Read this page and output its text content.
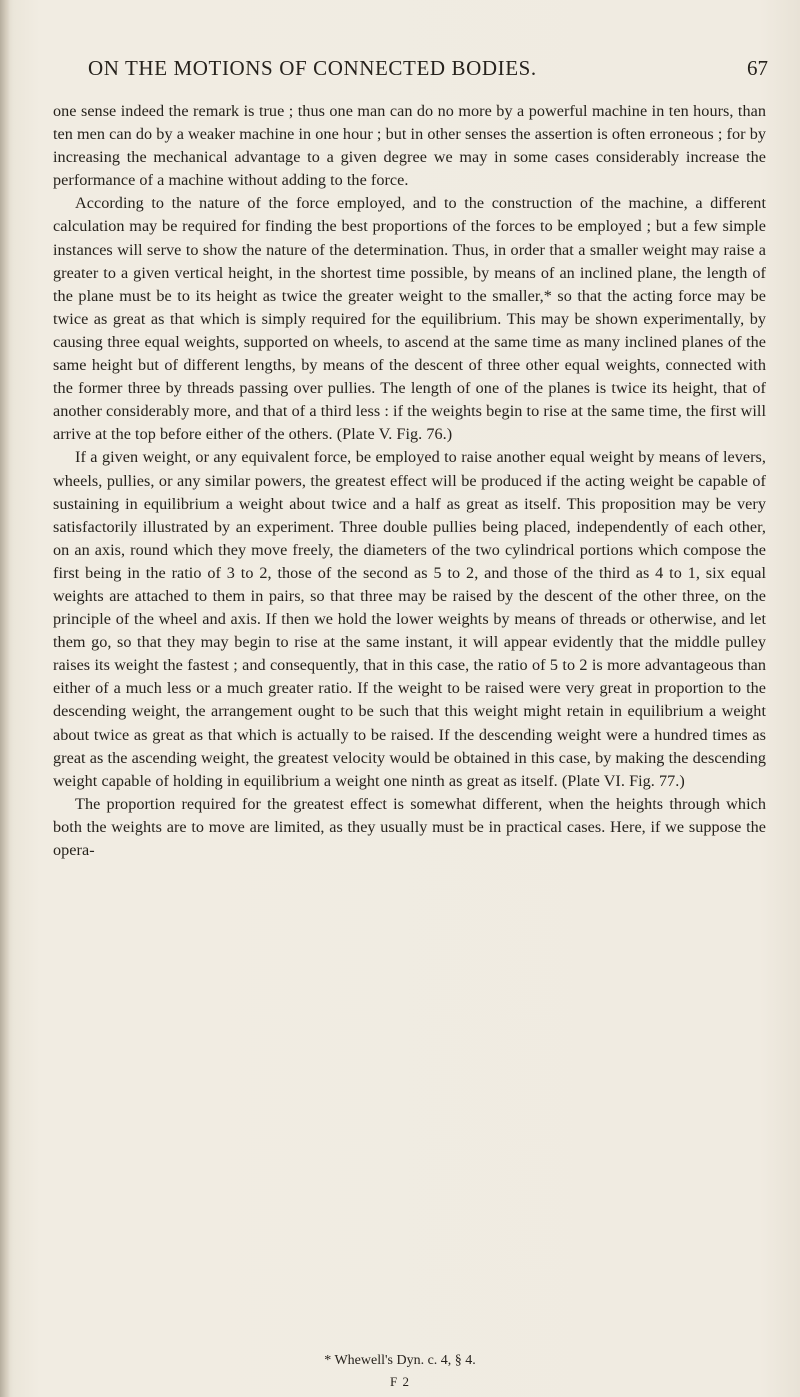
ON THE MOTIONS OF CONNECTED BODIES.	67

one sense indeed the remark is true ; thus one man can do no more by a powerful machine in ten hours, than ten men can do by a weaker machine in one hour ; but in other senses the assertion is often erroneous ; for by increasing the mechanical advantage to a given degree we may in some cases considerably increase the performance of a machine without adding to the force.

According to the nature of the force employed, and to the construction of the machine, a different calculation may be required for finding the best proportions of the forces to be employed ; but a few simple instances will serve to show the nature of the determination. Thus, in order that a smaller weight may raise a greater to a given vertical height, in the shortest time possible, by means of an inclined plane, the length of the plane must be to its height as twice the greater weight to the smaller,* so that the acting force may be twice as great as that which is simply required for the equilibrium. This may be shown experimentally, by causing three equal weights, supported on wheels, to ascend at the same time as many inclined planes of the same height but of different lengths, by means of the descent of three other equal weights, connected with the former three by threads passing over pullies. The length of one of the planes is twice its height, that of another considerably more, and that of a third less : if the weights begin to rise at the same time, the first will arrive at the top before either of the others. (Plate V. Fig. 76.)

If a given weight, or any equivalent force, be employed to raise another equal weight by means of levers, wheels, pullies, or any similar powers, the greatest effect will be produced if the acting weight be capable of sustaining in equilibrium a weight about twice and a half as great as itself. This proposition may be very satisfactorily illustrated by an experiment. Three double pullies being placed, independently of each other, on an axis, round which they move freely, the diameters of the two cylindrical portions which compose the first being in the ratio of 3 to 2, those of the second as 5 to 2, and those of the third as 4 to 1, six equal weights are attached to them in pairs, so that three may be raised by the descent of the other three, on the principle of the wheel and axis. If then we hold the lower weights by means of threads or otherwise, and let them go, so that they may begin to rise at the same instant, it will appear evidently that the middle pulley raises its weight the fastest ; and consequently, that in this case, the ratio of 5 to 2 is more advantageous than either of a much less or a much greater ratio. If the weight to be raised were very great in proportion to the descending weight, the arrangement ought to be such that this weight might retain in equilibrium a weight about twice as great as that which is actually to be raised. If the descending weight were a hundred times as great as the ascending weight, the greatest velocity would be obtained in this case, by making the descending weight capable of holding in equilibrium a weight one ninth as great as itself. (Plate VI. Fig. 77.)

The proportion required for the greatest effect is somewhat different, when the heights through which both the weights are to move are limited, as they usually must be in practical cases. Here, if we suppose the opera-

* Whewell's Dyn. c. 4, § 4.
F 2
